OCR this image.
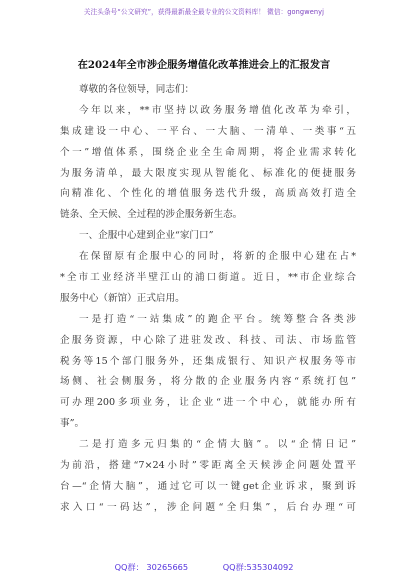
关注头条号“公文研究”，获得最新最全最专业的公文资料库！ 微信：gongwenyj
在2024年全市涉企服务增值化改革推进会上的汇报发言
尊敬的各位领导，同志们：
今年以来，**市坚持以政务服务增值化改革为牵引，
集成建设一中心、一平台、一大脑、一清单、一类事“五
个一”增值体系，围绕企业全生命周期，将企业需求转化
为服务清单，最大限度实现从智能化、标准化的便捷服务
向精准化、个性化的增值服务迭代升级，高质高效打造全
链条、全天候、全过程的涉企服务新生态。
一、企服中心建到企业“家门口”
在保留原有企服中心的同时，将新的企服中心建在占*
*全市工业经济半壁江山的浦口街道。近日，**市企业综合
服务中心（新馆）正式启用。
一是打造“一站集成”的跑企平台。统筹整合各类涉
企服务资源，中心除了进驻发改、科技、司法、市场监管
税务等15个部门服务外，还集成银行、知识产权服务等市
场侧、社会侧服务，将分散的企业服务内容“系统打包”
可办理200多项业务，让企业“进一个中心，就能办所有
事”。
二是打造多元归集的“企情大脑”。以“企情日记”
为前沿，搭建“7×24小时”零距离全天候涉企问题处置平
台—“企情大脑”，通过它可以一键get企业诉求，聚到诉
求入口“一码达”，涉企问题“全归集”，后台办理“可
QQ群： 30265665	QQ群:535304092
